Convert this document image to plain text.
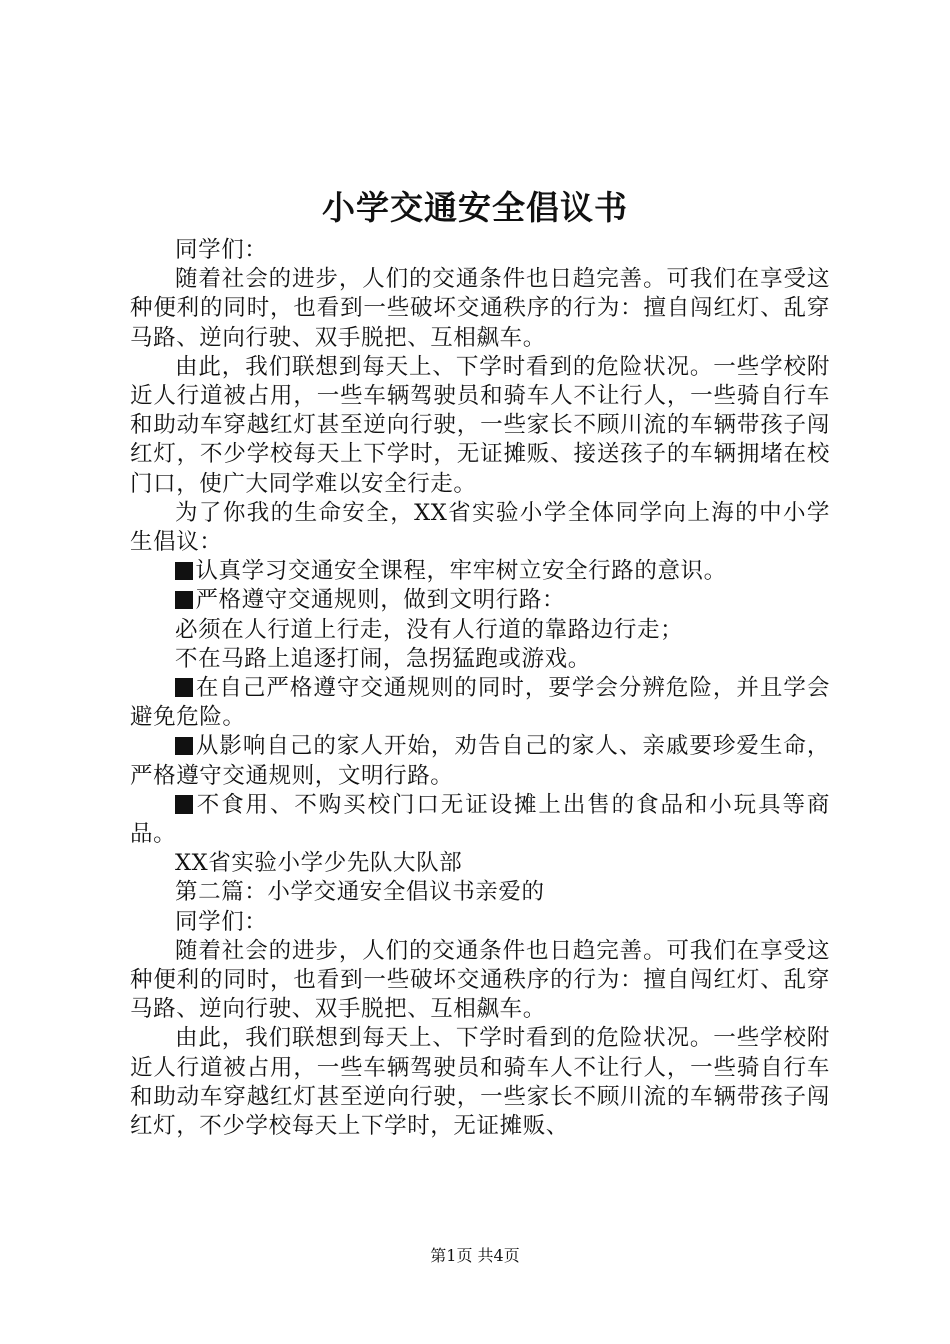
小学交通安全倡议书

同学们：

随着社会的进步，人们的交通条件也日趋完善。可我们在享受这种便利的同时，也看到一些破坏交通秩序的行为：擅自闯红灯、乱穿马路、逆向行驶、双手脱把、互相飙车。

由此，我们联想到每天上、下学时看到的危险状况。一些学校附近人行道被占用，一些车辆驾驶员和骑车人不让行人，一些骑自行车和助动车穿越红灯甚至逆向行驶，一些家长不顾川流的车辆带孩子闯红灯，不少学校每天上下学时，无证摊贩、接送孩子的车辆拥堵在校门口，使广大同学难以安全行走。

为了你我的生命安全，XX省实验小学全体同学向上海的中小学生倡议：

认真学习交通安全课程，牢牢树立安全行路的意识。

严格遵守交通规则，做到文明行路：

必须在人行道上行走，没有人行道的靠路边行走；

不在马路上追逐打闹，急拐猛跑或游戏。

在自己严格遵守交通规则的同时，要学会分辨危险，并且学会避免危险。

从影响自己的家人开始，劝告自己的家人、亲戚要珍爱生命，严格遵守交通规则，文明行路。

不食用、不购买校门口无证设摊上出售的食品和小玩具等商品。

XX省实验小学少先队大队部

第二篇：小学交通安全倡议书亲爱的

同学们：

随着社会的进步，人们的交通条件也日趋完善。可我们在享受这种便利的同时，也看到一些破坏交通秩序的行为：擅自闯红灯、乱穿马路、逆向行驶、双手脱把、互相飙车。

由此，我们联想到每天上、下学时看到的危险状况。一些学校附近人行道被占用，一些车辆驾驶员和骑车人不让行人，一些骑自行车和助动车穿越红灯甚至逆向行驶，一些家长不顾川流的车辆带孩子闯红灯，不少学校每天上下学时，无证摊贩、

第1页 共4页
